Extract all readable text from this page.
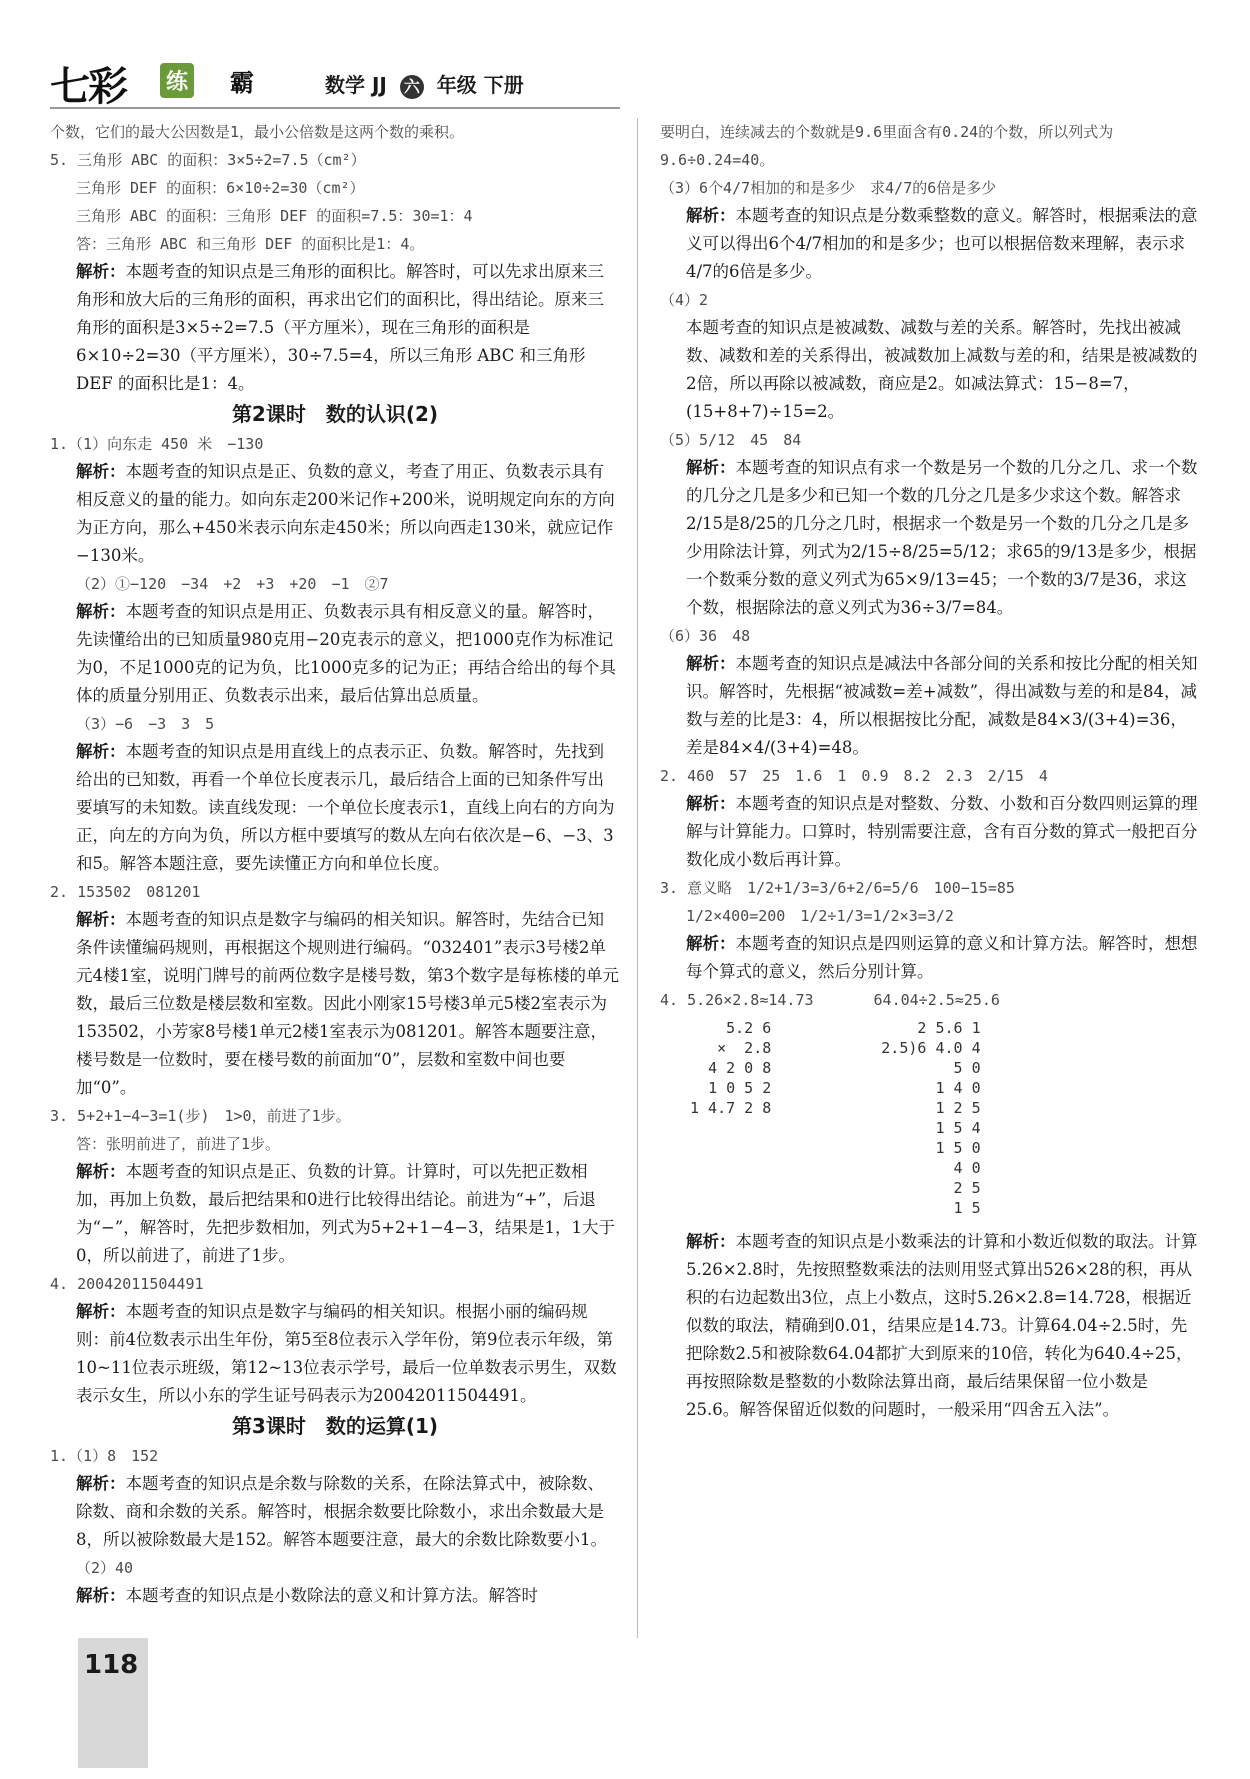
七彩 练 霸	数学 JJ 六 年级 下册

个数，它们的最大公因数是1，最小公倍数是这两个数的乘积。

5. 三角形 ABC 的面积：3×5÷2=7.5（cm²）

三角形 DEF 的面积：6×10÷2=30（cm²）

三角形 ABC 的面积：三角形 DEF 的面积=7.5：30=1：4

答：三角形 ABC 和三角形 DEF 的面积比是1：4。

解析：本题考查的知识点是三角形的面积比。解答时，可以先求出原来三角形和放大后的三角形的面积，再求出它们的面积比，得出结论。原来三角形的面积是3×5÷2=7.5（平方厘米），现在三角形的面积是6×10÷2=30（平方厘米），30÷7.5=4，所以三角形 ABC 和三角形 DEF 的面积比是1：4。

第2课时　数的认识(2)

1.（1）向东走 450 米　−130

解析：本题考查的知识点是正、负数的意义，考查了用正、负数表示具有相反意义的量的能力。如向东走200米记作+200米，说明规定向东的方向为正方向，那么+450米表示向东走450米；所以向西走130米，就应记作−130米。

（2）①−120　−34　+2　+3　+20　−1　②7

解析：本题考查的知识点是用正、负数表示具有相反意义的量。解答时，先读懂给出的已知质量980克用−20克表示的意义，把1000克作为标准记为0，不足1000克的记为负，比1000克多的记为正；再结合给出的每个具体的质量分别用正、负数表示出来，最后估算出总质量。

（3）−6　−3　3　5

解析：本题考查的知识点是用直线上的点表示正、负数。解答时，先找到给出的已知数，再看一个单位长度表示几，最后结合上面的已知条件写出要填写的未知数。读直线发现：一个单位长度表示1，直线上向右的方向为正，向左的方向为负，所以方框中要填写的数从左向右依次是−6、−3、3和5。解答本题注意，要先读懂正方向和单位长度。

2. 153502　081201

解析：本题考查的知识点是数字与编码的相关知识。解答时，先结合已知条件读懂编码规则，再根据这个规则进行编码。“032401”表示3号楼2单元4楼1室，说明门牌号的前两位数字是楼号数，第3个数字是每栋楼的单元数，最后三位数是楼层数和室数。因此小刚家15号楼3单元5楼2室表示为153502，小芳家8号楼1单元2楼1室表示为081201。解答本题要注意，楼号数是一位数时，要在楼号数的前面加“0”，层数和室数中间也要加“0”。

3. 5+2+1−4−3=1(步)　1>0，前进了1步。

答：张明前进了，前进了1步。

解析：本题考查的知识点是正、负数的计算。计算时，可以先把正数相加，再加上负数，最后把结果和0进行比较得出结论。前进为“+”，后退为“−”，解答时，先把步数相加，列式为5+2+1−4−3，结果是1，1大于0，所以前进了，前进了1步。

4. 20042011504491

解析：本题考查的知识点是数字与编码的相关知识。根据小丽的编码规则：前4位数表示出生年份，第5至8位表示入学年份，第9位表示年级，第10~11位表示班级，第12~13位表示学号，最后一位单数表示男生，双数表示女生，所以小东的学生证号码表示为20042011504491。

第3课时　数的运算(1)

1.（1）8　152

解析：本题考查的知识点是余数与除数的关系，在除法算式中，被除数、除数、商和余数的关系。解答时，根据余数要比除数小，求出余数最大是8，所以被除数最大是152。解答本题要注意，最大的余数比除数要小1。

（2）40

解析：本题考查的知识点是小数除法的意义和计算方法。解答时

要明白，连续减去的个数就是9.6里面含有0.24的个数，所以列式为9.6÷0.24=40。

（3）6个4/7相加的和是多少　求4/7的6倍是多少

解析：本题考查的知识点是分数乘整数的意义。解答时，根据乘法的意义可以得出6个4/7相加的和是多少；也可以根据倍数来理解，表示求4/7的6倍是多少。

（4）2

本题考查的知识点是被减数、减数与差的关系。解答时，先找出被减数、减数和差的关系得出，被减数加上减数与差的和，结果是被减数的2倍，所以再除以被减数，商应是2。如减法算式：15−8=7，(15+8+7)÷15=2。

（5）5/12　45　84

解析：本题考查的知识点有求一个数是另一个数的几分之几、求一个数的几分之几是多少和已知一个数的几分之几是多少求这个数。解答求2/15是8/25的几分之几时，根据求一个数是另一个数的几分之几是多少用除法计算，列式为2/15÷8/25=5/12；求65的9/13是多少，根据一个数乘分数的意义列式为65×9/13=45；一个数的3/7是36，求这个数，根据除法的意义列式为36÷3/7=84。

（6）36　48

解析：本题考查的知识点是减法中各部分间的关系和按比分配的相关知识。解答时，先根据“被减数=差+减数”，得出减数与差的和是84，减数与差的比是3：4，所以根据按比分配，减数是84×3/(3+4)=36，差是84×4/(3+4)=48。

2. 460　57　25　1.6　1　0.9　8.2　2.3　2/15　4

解析：本题考查的知识点是对整数、分数、小数和百分数四则运算的理解与计算能力。口算时，特别需要注意，含有百分数的算式一般把百分数化成小数后再计算。

3. 意义略　1/2+1/3=3/6+2/6=5/6　100−15=85

1/2×400=200　1/2÷1/3=1/2×3=3/2

解析：本题考查的知识点是四则运算的意义和计算方法。解答时，想想每个算式的意义，然后分别计算。

4. 5.26×2.8≈14.73　　　　64.04÷2.5≈25.6

5.2 6
×  2.8
4 2 0 8
1 0 5 2
1 4.7 2 8
2 5.6 1
2.5)6 4.0 4
5 0
1 4 0
1 2 5
1 5 4
1 5 0
4 0
2 5
1 5

解析：本题考查的知识点是小数乘法的计算和小数近似数的取法。计算5.26×2.8时，先按照整数乘法的法则用竖式算出526×28的积，再从积的右边起数出3位，点上小数点，这时5.26×2.8=14.728，根据近似数的取法，精确到0.01，结果应是14.73。计算64.04÷2.5时，先把除数2.5和被除数64.04都扩大到原来的10倍，转化为640.4÷25，再按照除数是整数的小数除法算出商，最后结果保留一位小数是25.6。解答保留近似数的问题时，一般采用“四舍五入法”。

118
